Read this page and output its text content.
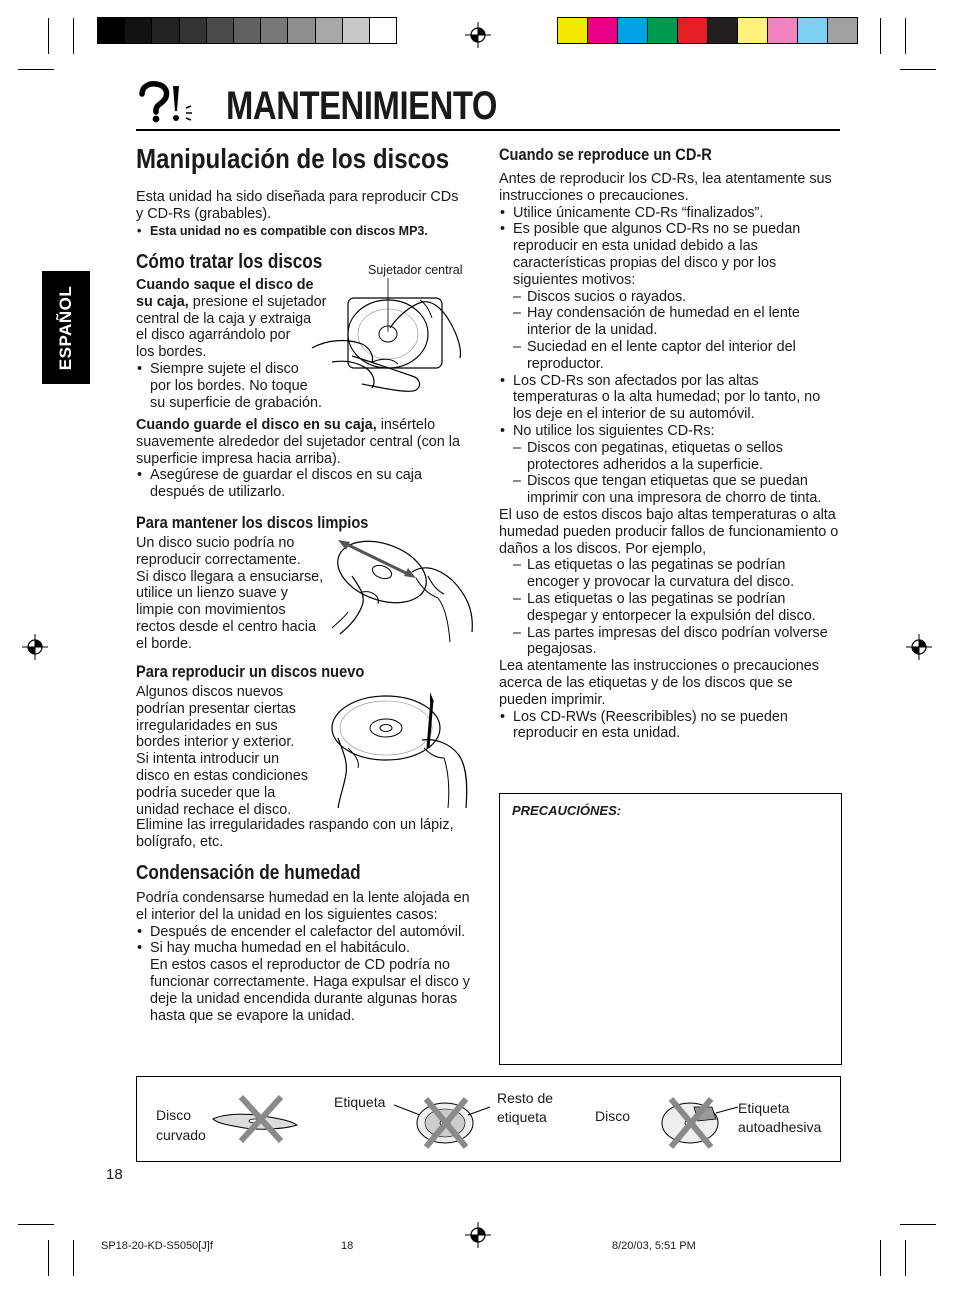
MANTENIMIENTO
Manipulación de los discos
ESPAÑOL

Esta unidad ha sido diseñada para reproducir CDs y CD-Rs (grabables).

• Esta unidad no es compatible con discos MP3.

Cómo tratar los discos	Sujetador central

Cuando saque el disco de

su caja, presione el sujetador

central de la caja y extraiga

el disco agarrándolo por

los bordes.

• Siempre sujete el disco

por los bordes. No toque

su superficie de grabación.

Cuando guarde el disco en su caja, insértelo suavemente alrededor del sujetador central (con la superficie impresa hacia arriba).

• Asegúrese de guardar el discos en su caja después de utilizarlo.

Para mantener los discos limpios

Un disco sucio podría no

reproducir correctamente.

Si disco llegara a ensuciarse,

utilice un lienzo suave y

limpie con movimientos

rectos desde el centro hacia

el borde.

Para reproducir un discos nuevo

Algunos discos nuevos

podrían presentar ciertas

irregularidades en sus

bordes interior y exterior.

Si intenta introducir un

disco en estas condiciones

podría suceder que la

unidad rechace el disco.

Elimine las irregularidades raspando con un lápiz, bolígrafo, etc.
Condensación de humedad

Podría condensarse humedad en la lente alojada en el interior del la unidad en los siguientes casos:

• Después de encender el calefactor del automóvil.

• Si hay mucha humedad en el habitáculo.

En estos casos el reproductor de CD podría no funcionar correctamente. Haga expulsar el disco y deje la unidad encendida durante algunas horas hasta que se evapore la unidad.

Cuando se reproduce un CD-R

Antes de reproducir los CD-Rs, lea atentamente sus instrucciones o precauciones.

• Utilice únicamente CD-Rs “finalizados”.

• Es posible que algunos CD-Rs no se puedan reproducir en esta unidad debido a las características propias del disco y por los siguientes motivos:

– Discos sucios o rayados.

– Hay condensación de humedad en el lente interior de la unidad.

– Suciedad en el lente captor del interior del reproductor.

• Los CD-Rs son afectados por las altas temperaturas o la alta humedad; por lo tanto, no los deje en el interior de su automóvil.

• No utilice los siguientes CD-Rs:

– Discos con pegatinas, etiquetas o sellos protectores adheridos a la superficie.

– Discos que tengan etiquetas que se puedan imprimir con una impresora de chorro de tinta.

El uso de estos discos bajo altas temperaturas o alta humedad pueden producir fallos de funcionamiento o daños a los discos. Por ejemplo,

– Las etiquetas o las pegatinas se podrían encoger y provocar la curvatura del disco.

– Las etiquetas o las pegatinas se podrían despegar y entorpecer la expulsión del disco.

– Las partes impresas del disco podrían volverse pegajosas.

Lea atentamente las instrucciones o precauciones acerca de las etiquetas y de los discos que se pueden imprimir.

• Los CD-RWs (Reescribibles) no se pueden reproducir en esta unidad.

PRECAUCIÓNES:
Disco
curvado
Etiqueta	Resto de
etiqueta	Disco	Etiqueta
autoadhesiva
18
SP18-20-KD-S5050[J]f	18	8/20/03, 5:51 PM
